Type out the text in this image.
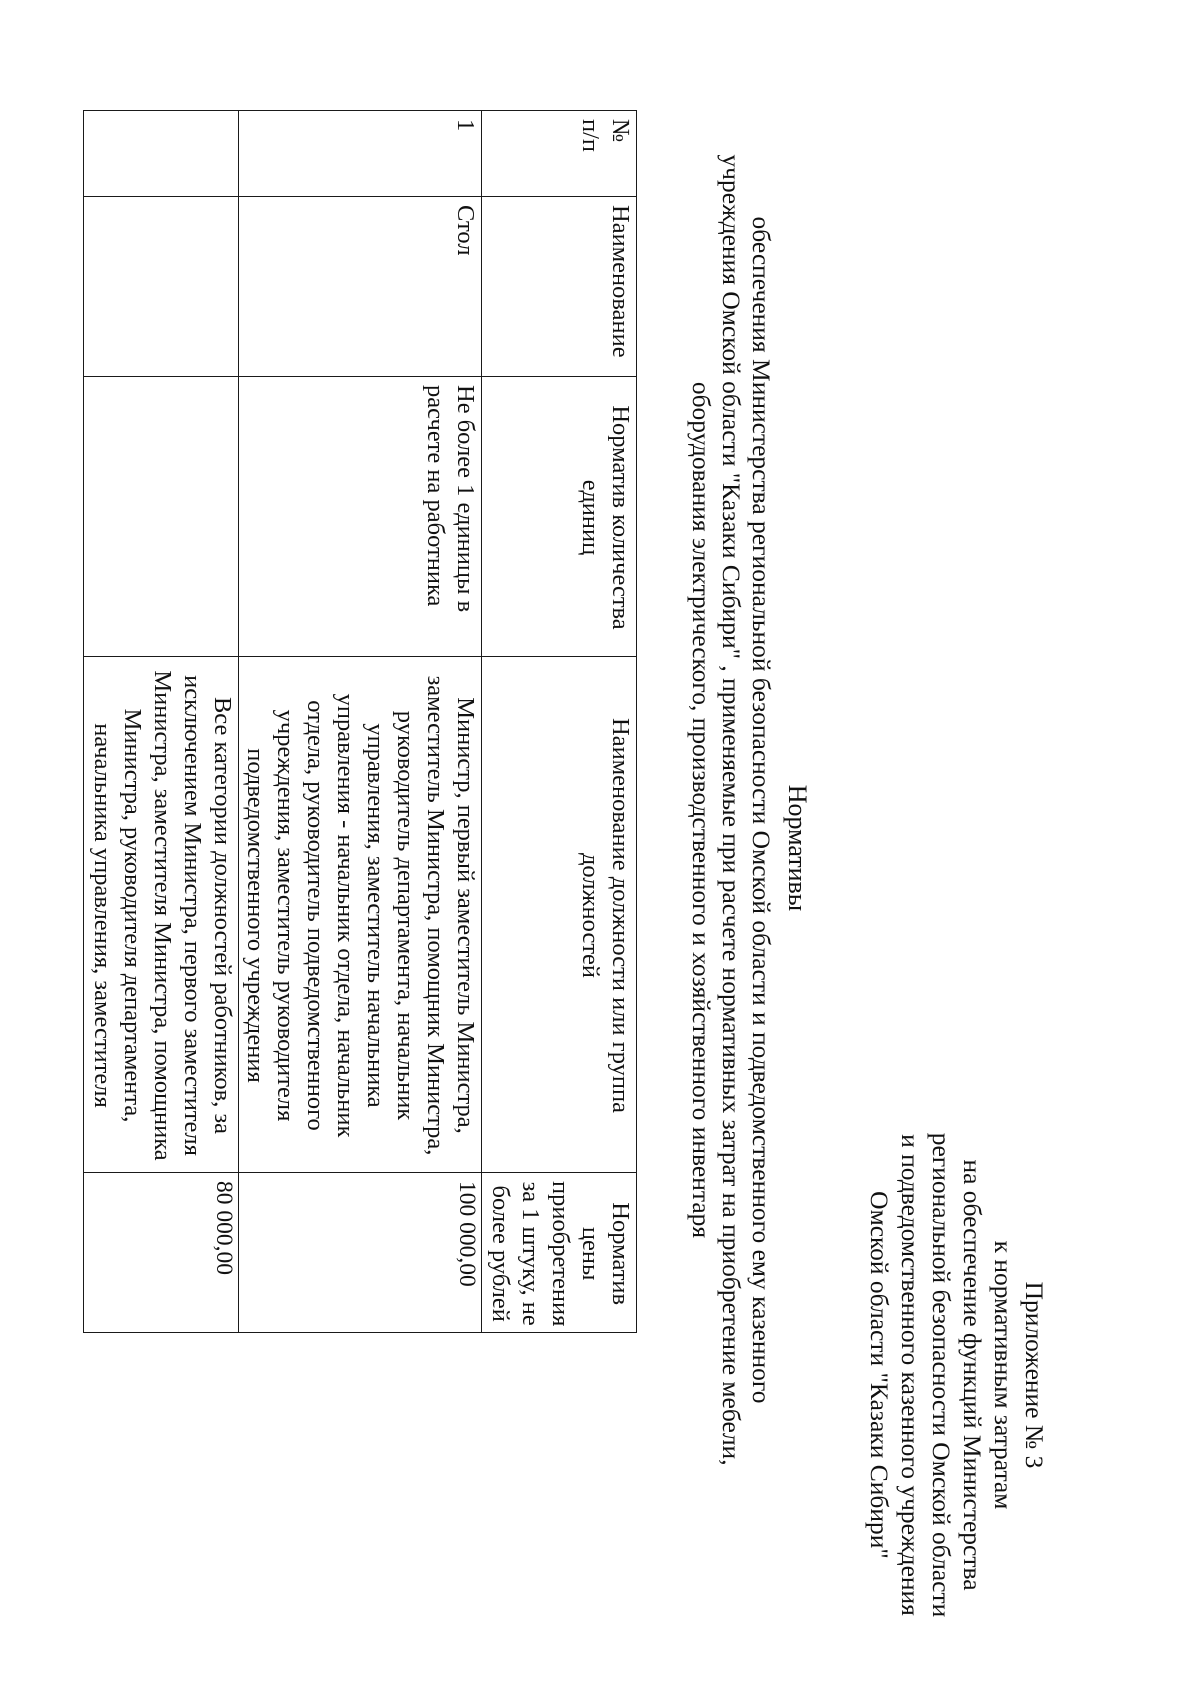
Приложение № 3
к нормативным затратам
на обеспечение функций Министерства
региональной безопасности Омской области
и подведомственного казенного учреждения
Омской области "Казаки Сибири"
Нормативы
обеспечения Министерства региональной безопасности Омской области и подведомственного ему казенного
учреждения Омской области "Казаки Сибири" , применяемые при расчете нормативных затрат на приобретение мебели,
оборудования электрического, производственного и хозяйственного инвентаря
№
п/п	Наименование	Норматив количества единиц	Наименование должности или группа должностей	Норматив цены приобретения за 1 штуку, не более рублей
1	Стол	Не более 1 единицы в расчете на работника	Министр, первый заместитель Министра, заместитель Министра, помощник Министра, руководитель департамента, начальник управления, заместитель начальника управления - начальник отдела, начальник отдела, руководитель подведомственного учреждения, заместитель руководителя подведомственного учреждения	100 000,00
			Все категории должностей работников, за исключением Министра, первого заместителя Министра, заместителя Министра, помощника Министра, руководителя департамента, начальника управления, заместителя	80 000,00
